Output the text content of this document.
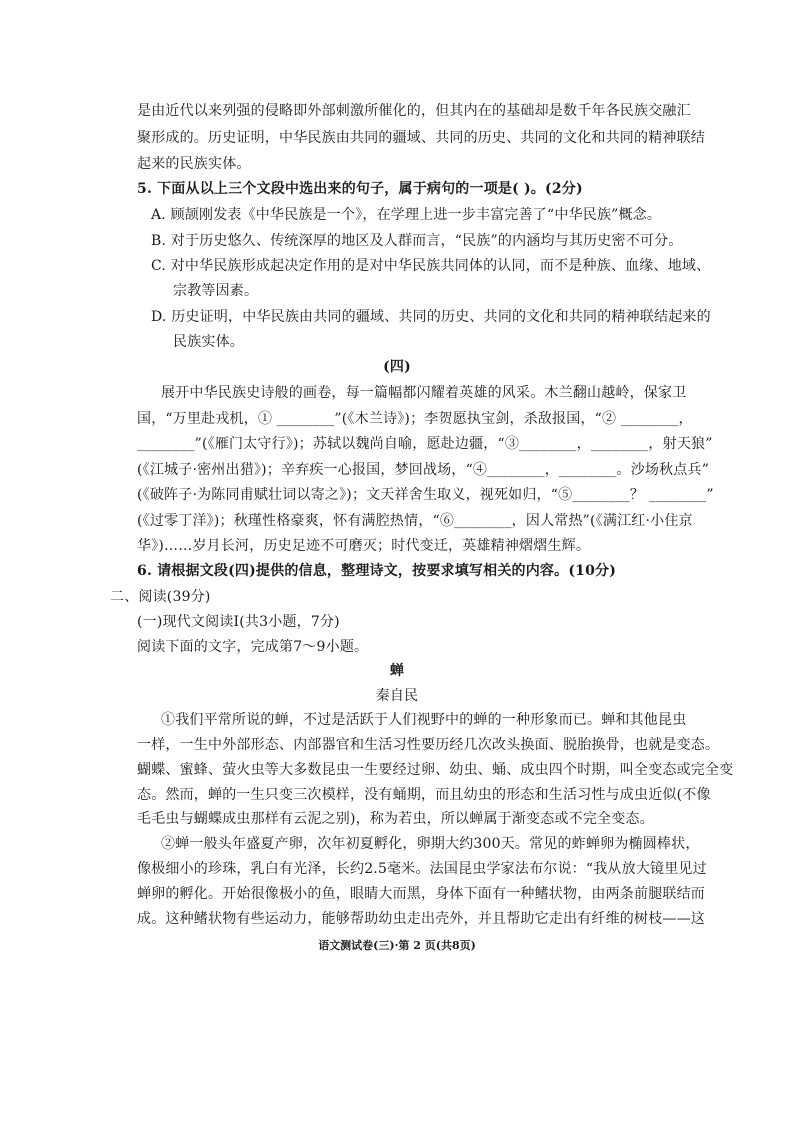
是由近代以来列强的侵略即外部刺激所催化的，但其内在的基础却是数千年各民族交融汇
聚形成的。历史证明，中华民族由共同的疆域、共同的历史、共同的文化和共同的精神联结
起来的民族实体。
5. 下面从以上三个文段中选出来的句子，属于病句的一项是( )。(2分)
A. 顾颉刚发表《中华民族是一个》，在学理上进一步丰富完善了“中华民族”概念。
B. 对于历史悠久、传统深厚的地区及人群而言，“民族”的内涵均与其历史密不可分。
C. 对中华民族形成起决定作用的是对中华民族共同体的认同，而不是种族、血缘、地域、
宗教等因素。
D. 历史证明，中华民族由共同的疆域、共同的历史、共同的文化和共同的精神联结起来的
民族实体。
(四)
展开中华民族史诗般的画卷，每一篇幅都闪耀着英雄的风采。木兰翻山越岭，保家卫
国，“万里赴戎机，① ________”(《木兰诗》)；李贺愿执宝剑，杀敌报国，“② ________，
________”(《雁门太守行》)；苏轼以魏尚自喻，愿赴边疆，“③________，________，射天狼”
(《江城子·密州出猎》)；辛弃疾一心报国，梦回战场，“④________，________。沙场秋点兵”
(《破阵子·为陈同甫赋壮词以寄之》)；文天祥舍生取义，视死如归，“⑤________？ ________”
(《过零丁洋》)；秋瑾性格豪爽，怀有满腔热情，“⑥________，因人常热”(《满江红·小住京
华》)……岁月长河，历史足迹不可磨灭；时代变迁，英雄精神熠熠生辉。
6. 请根据文段(四)提供的信息，整理诗文，按要求填写相关的内容。(10分)
二、阅读(39分)
(一)现代文阅读Ⅰ(共3小题，7分)
阅读下面的文字，完成第7～9小题。
蝉
秦自民
①我们平常所说的蝉，不过是活跃于人们视野中的蝉的一种形象而已。蝉和其他昆虫
一样，一生中外部形态、内部器官和生活习性要历经几次改头换面、脱胎换骨，也就是变态。
蝴蝶、蜜蜂、萤火虫等大多数昆虫一生要经过卵、幼虫、蛹、成虫四个时期，叫全变态或完全变
态。然而，蝉的一生只变三次模样，没有蛹期，而且幼虫的形态和生活习性与成虫近似(不像
毛毛虫与蝴蝶成虫那样有云泥之别)，称为若虫，所以蝉属于渐变态或不完全变态。
②蝉一般头年盛夏产卵，次年初夏孵化，卵期大约300天。常见的蚱蝉卵为椭圆棒状，
像极细小的珍珠，乳白有光泽，长约2.5毫米。法国昆虫学家法布尔说：“我从放大镜里见过
蝉卵的孵化。开始很像极小的鱼，眼睛大而黑，身体下面有一种鳍状物，由两条前腿联结而
成。这种鳍状物有些运动力，能够帮助幼虫走出壳外，并且帮助它走出有纤维的树枝——这
语文测试卷(三)·第 2 页(共8页)
